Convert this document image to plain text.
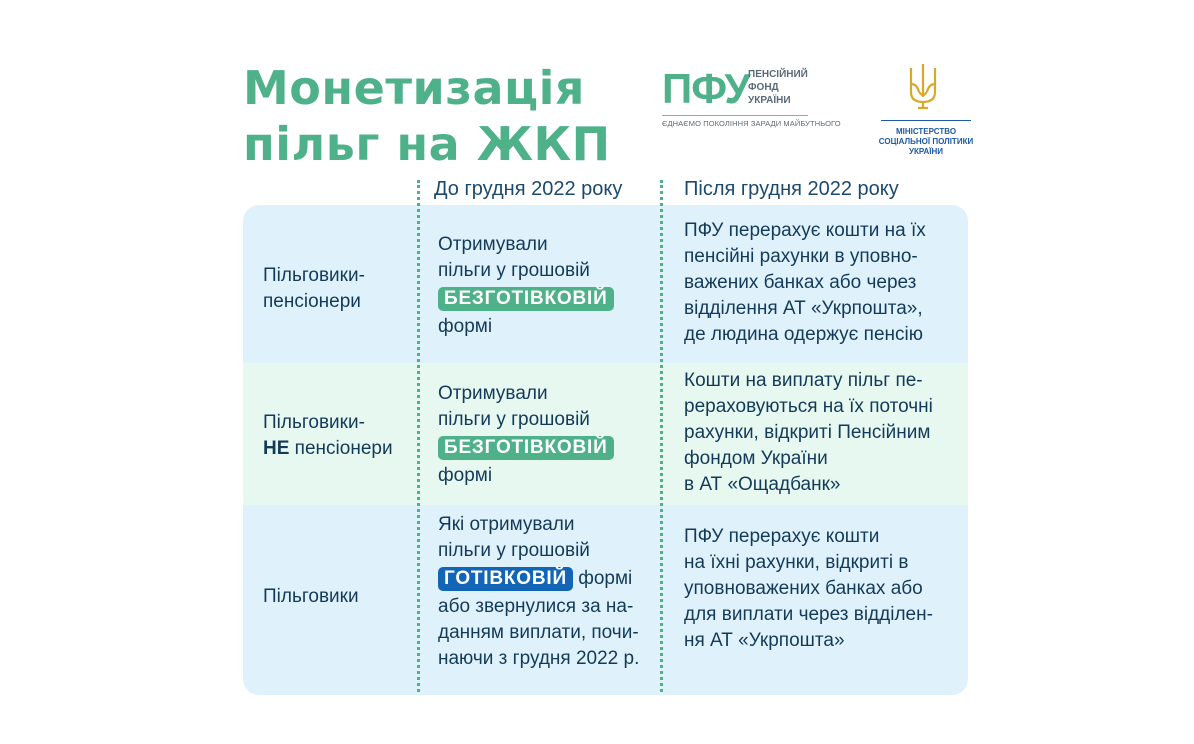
Монетизація
пільг на ЖКП
ПФУ
ПЕНСІЙНИЙ
ФОНД
УКРАЇНИ
ЄДНАЄМО ПОКОЛІННЯ ЗАРАДИ МАЙБУТНЬОГО
МІНІСТЕРСТВО
СОЦІАЛЬНОЇ ПОЛІТИКИ
УКРАЇНИ
До грудня 2022 року	Після грудня 2022 року
Пільговики-
пенсіонери
Отримували
пільги у грошовій
БЕЗГОТІВКОВІЙ
формі
ПФУ перерахує кошти на їх
пенсійні рахунки в уповно-
важених банках або через
відділення АТ «Укрпошта»,
де людина одержує пенсію
Пільговики-
НЕ пенсіонери
Отримували
пільги у грошовій
БЕЗГОТІВКОВІЙ
формі
Кошти на виплату пільг пе-
рераховуються на їх поточні
рахунки, відкриті Пенсійним
фондом України
в АТ «Ощадбанк»
Пільговики
Які отримували
пільги у грошовій
ГОТІВКОВІЙ формі
або звернулися за на-
данням виплати, почи-
наючи з грудня 2022 р.
ПФУ перерахує кошти
на їхні рахунки, відкриті в
уповноважених банках або
для виплати через відділен-
ня АТ «Укрпошта»
